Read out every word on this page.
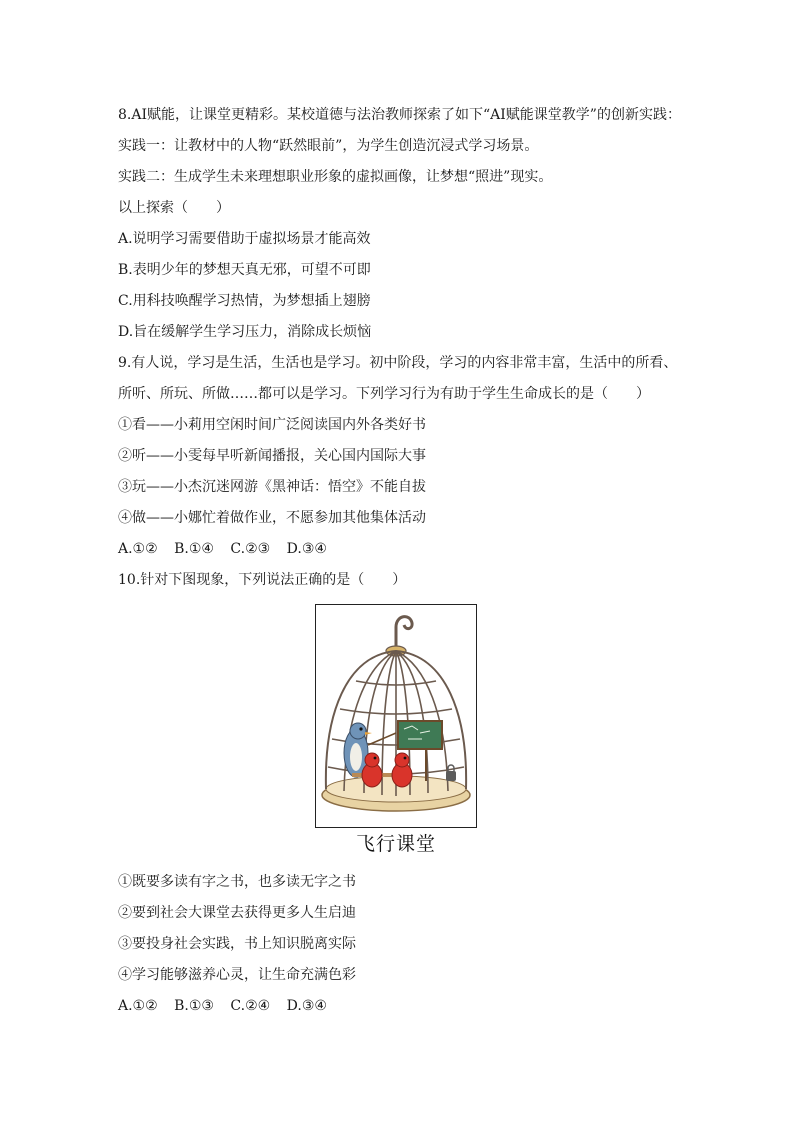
8.AI赋能，让课堂更精彩。某校道德与法治教师探索了如下“AI赋能课堂教学”的创新实践：
实践一：让教材中的人物“跃然眼前”，为学生创造沉浸式学习场景。
实践二：生成学生未来理想职业形象的虚拟画像，让梦想“照进”现实。
以上探索（　　）
A.说明学习需要借助于虚拟场景才能高效
B.表明少年的梦想天真无邪，可望不可即
C.用科技唤醒学习热情，为梦想插上翅膀
D.旨在缓解学生学习压力，消除成长烦恼
9.有人说，学习是生活，生活也是学习。初中阶段，学习的内容非常丰富，生活中的所看、
所听、所玩、所做……都可以是学习。下列学习行为有助于学生生命成长的是（　　）
①看——小莉用空闲时间广泛阅读国内外各类好书
②听——小雯每早听新闻播报，关心国内国际大事
③玩——小杰沉迷网游《黑神话：悟空》不能自拔
④做——小娜忙着做作业，不愿参加其他集体活动
A.①② B.①④ C.②③ D.③④
10.针对下图现象，下列说法正确的是（　　）
飞行课堂
①既要多读有字之书，也多读无字之书
②要到社会大课堂去获得更多人生启迪
③要投身社会实践，书上知识脱离实际
④学习能够滋养心灵，让生命充满色彩
A.①② B.①③ C.②④ D.③④
